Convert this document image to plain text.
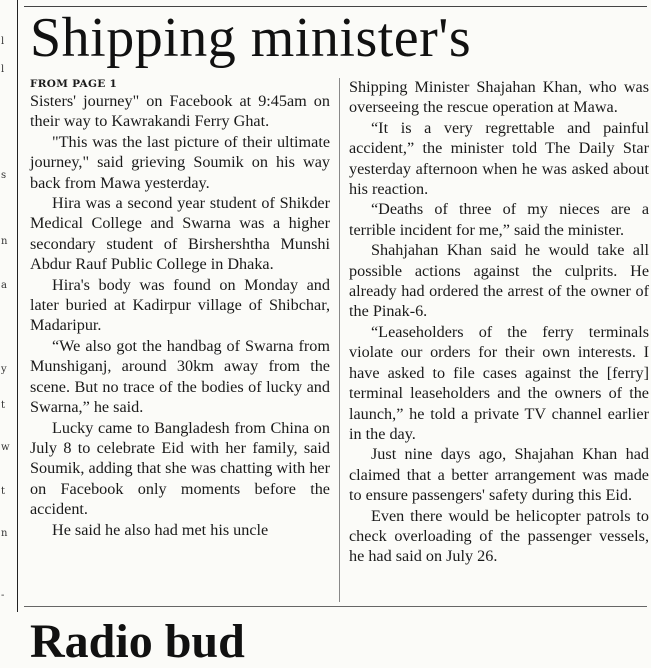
l
l
s
n
a
y
t
w
t
n
-
Shipping minister's

FROM PAGE 1

Sisters' journey" on Facebook at 9:45am on their way to Kawrakandi Ferry Ghat.

"This was the last picture of their ultimate journey," said grieving Soumik on his way back from Mawa yesterday.

Hira was a second year student of Shikder Medical College and Swarna was a higher secondary student of Birshershtha Munshi Abdur Rauf Public College in Dhaka.

Hira's body was found on Monday and later buried at Kadirpur village of Shibchar, Madaripur.

“We also got the handbag of Swarna from Munshiganj, around 30km away from the scene. But no trace of the bodies of lucky and Swarna,” he said.

Lucky came to Bangladesh from China on July 8 to celebrate Eid with her family, said Soumik, adding that she was chatting with her on Facebook only moments before the accident.

He said he also had met his uncle

Shipping Minister Shajahan Khan, who was overseeing the rescue operation at Mawa.

“It is a very regrettable and painful accident,” the minister told The Daily Star yesterday afternoon when he was asked about his reaction.

“Deaths of three of my nieces are a terrible incident for me,” said the minister.

Shahjahan Khan said he would take all possible actions against the culprits. He already had ordered the arrest of the owner of the Pinak-6.

“Leaseholders of the ferry terminals violate our orders for their own interests. I have asked to file cases against the [ferry] terminal leaseholders and the owners of the launch,” he told a private TV channel earlier in the day.

Just nine days ago, Shajahan Khan had claimed that a better arrangement was made to ensure passengers' safety during this Eid.

Even there would be helicopter patrols to check overloading of the passenger vessels, he had said on July 26.

Radio bud
